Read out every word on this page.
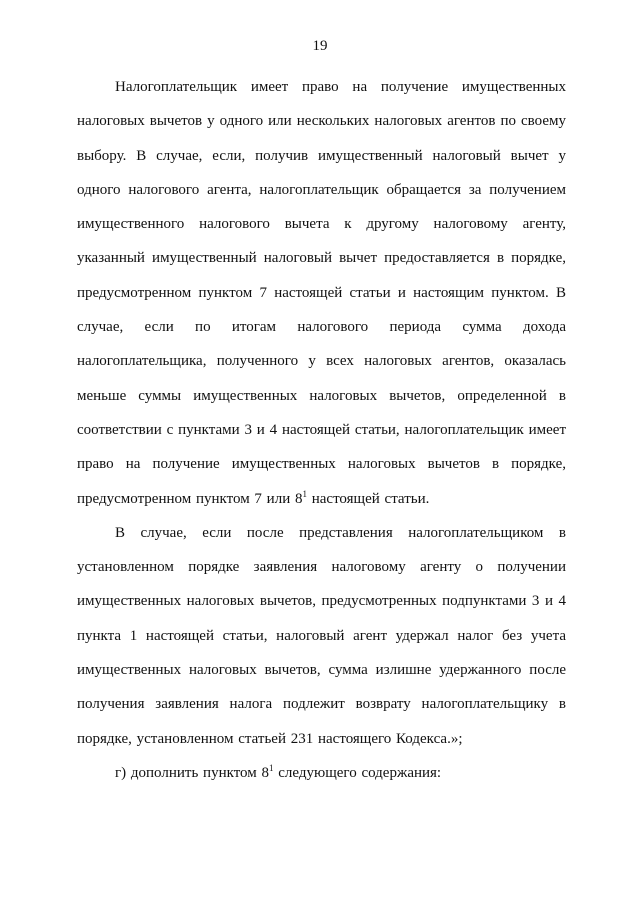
19
Налогоплательщик имеет право на получение имущественных
налоговых вычетов у одного или нескольких налоговых агентов по своему
выбору. В случае, если, получив имущественный налоговый вычет у
одного налогового агента, налогоплательщик обращается за получением
имущественного налогового вычета к другому налоговому агенту,
указанный имущественный налоговый вычет предоставляется в порядке,
предусмотренном пунктом 7 настоящей статьи и настоящим пунктом. В
случае, если по итогам налогового периода сумма дохода
налогоплательщика, полученного у всех налоговых агентов, оказалась
меньше суммы имущественных налоговых вычетов, определенной в
соответствии с пунктами 3 и 4 настоящей статьи, налогоплательщик имеет
право на получение имущественных налоговых вычетов в порядке,
предусмотренном пунктом 7 или $8^1$ настоящей статьи.
В случае, если после представления налогоплательщиком в
установленном порядке заявления налоговому агенту о получении
имущественных налоговых вычетов, предусмотренных подпунктами 3 и 4
пункта 1 настоящей статьи, налоговый агент удержал налог без учета
имущественных налоговых вычетов, сумма излишне удержанного после
получения заявления налога подлежит возврату налогоплательщику в
порядке, установленном статьей 231 настоящего Кодекса.»;
г) дополнить пунктом $8^1$ следующего содержания:
